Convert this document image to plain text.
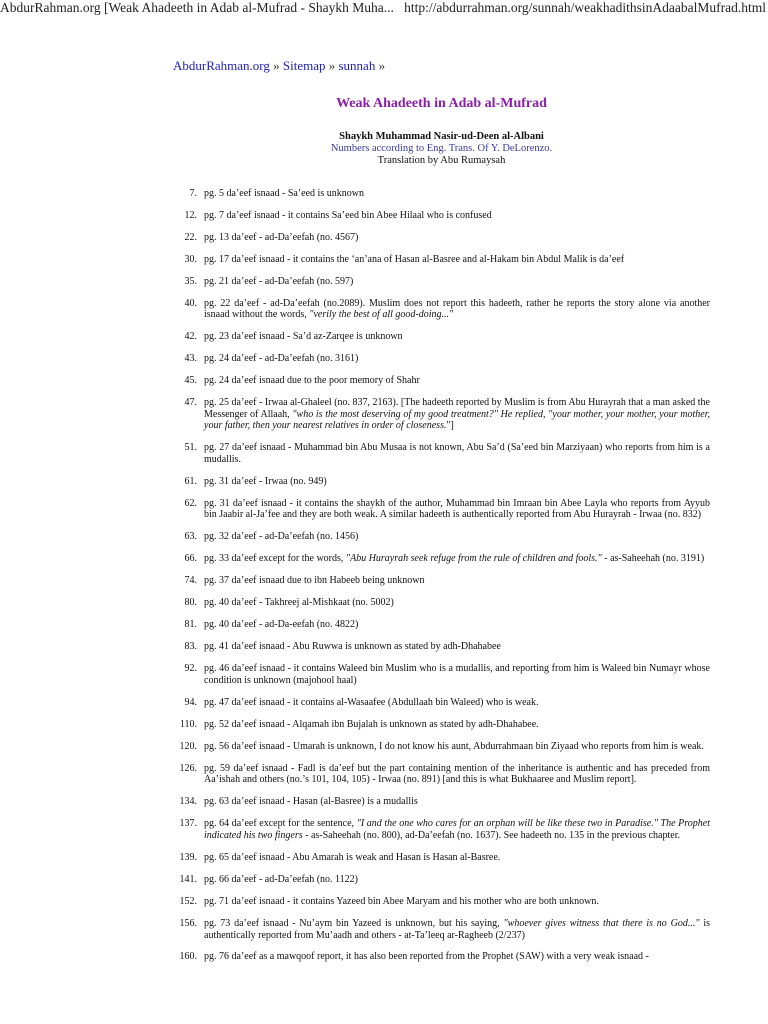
AbdurRahman.org [Weak Ahadeeth in Adab al-Mufrad - Shaykh Muha... http://abdurrahman.org/sunnah/weakhadithsinAdaabalMufrad.html
AbdurRahman.org » Sitemap » sunnah »
Weak Ahadeeth in Adab al-Mufrad
Shaykh Muhammad Nasir-ud-Deen al-Albani
Numbers according to Eng. Trans. Of Y. DeLorenzo.
Translation by Abu Rumaysah
7. pg. 5 da’eef isnaad - Sa’eed is unknown
12. pg. 7 da’eef isnaad - it contains Sa’eed bin Abee Hilaal who is confused
22. pg. 13 da’eef - ad-Da’eefah (no. 4567)
30. pg. 17 da’eef isnaad - it contains the ‘an’ana of Hasan al-Basree and al-Hakam bin Abdul Malik is da’eef
35. pg. 21 da’eef - ad-Da’eefah (no. 597)
40. pg. 22 da’eef - ad-Da’eefah (no.2089). Muslim does not report this hadeeth, rather he reports the story alone via another isnaad without the words, "verily the best of all good-doing..."
42. pg. 23 da’eef isnaad - Sa’d az-Zarqee is unknown
43. pg. 24 da’eef - ad-Da’eefah (no. 3161)
45. pg. 24 da’eef isnaad due to the poor memory of Shahr
47. pg. 25 da’eef - Irwaa al-Ghaleel (no. 837, 2163). [The hadeeth reported by Muslim is from Abu Hurayrah that a man asked the Messenger of Allaah, "who is the most deserving of my good treatment?" He replied, "your mother, your mother, your mother, your father, then your nearest relatives in order of closeness."]
51. pg. 27 da’eef isnaad - Muhammad bin Abu Musaa is not known, Abu Sa’d (Sa’eed bin Marziyaan) who reports from him is a mudallis.
61. pg. 31 da’eef - Irwaa (no. 949)
62. pg. 31 da’eef isnaad - it contains the shaykh of the author, Muhammad bin Imraan bin Abee Layla who reports from Ayyub bin Jaabir al-Ja’fee and they are both weak. A similar hadeeth is authentically reported from Abu Hurayrah - Irwaa (no. 832)
63. pg. 32 da’eef - ad-Da’eefah (no. 1456)
66. pg. 33 da’eef except for the words, "Abu Hurayrah seek refuge from the rule of children and fools." - as-Saheehah (no. 3191)
74. pg. 37 da’eef isnaad due to ibn Habeeb being unknown
80. pg. 40 da’eef - Takhreej al-Mishkaat (no. 5002)
81. pg. 40 da’eef - ad-Da-eefah (no. 4822)
83. pg. 41 da’eef isnaad - Abu Ruwwa is unknown as stated by adh-Dhahabee
92. pg. 46 da’eef isnaad - it contains Waleed bin Muslim who is a mudallis, and reporting from him is Waleed bin Numayr whose condition is unknown (majohool haal)
94. pg. 47 da’eef isnaad - it contains al-Wasaafee (Abdullaah bin Waleed) who is weak.
110. pg. 52 da’eef isnaad - Alqamah ibn Bujalah is unknown as stated by adh-Dhahabee.
120. pg. 56 da’eef isnaad - Umarah is unknown, I do not know his aunt, Abdurrahmaan bin Ziyaad who reports from him is weak.
126. pg. 59 da’eef isnaad - Fadl is da’eef but the part containing mention of the inheritance is authentic and has preceded from Aa’ishah and others (no.’s 101, 104, 105) - Irwaa (no. 891) [and this is what Bukhaaree and Muslim report].
134. pg. 63 da’eef isnaad - Hasan (al-Basree) is a mudallis
137. pg. 64 da’eef except for the sentence, "I and the one who cares for an orphan will be like these two in Paradise." The Prophet indicated his two fingers - as-Saheehah (no. 800), ad-Da’eefah (no. 1637). See hadeeth no. 135 in the previous chapter.
139. pg. 65 da’eef isnaad - Abu Amarah is weak and Hasan is Hasan al-Basree.
141. pg. 66 da’eef - ad-Da’eefah (no. 1122)
152. pg. 71 da’eef isnaad - it contains Yazeed bin Abee Maryam and his mother who are both unknown.
156. pg. 73 da’eef isnaad - Nu’aym bin Yazeed is unknown, but his saying, "whoever gives witness that there is no God..." is authentically reported from Mu’aadh and others - at-Ta’leeq ar-Ragheeb (2/237)
160. pg. 76 da’eef as a mawqoof report, it has also been reported from the Prophet (SAW) with a very weak isnaad -
